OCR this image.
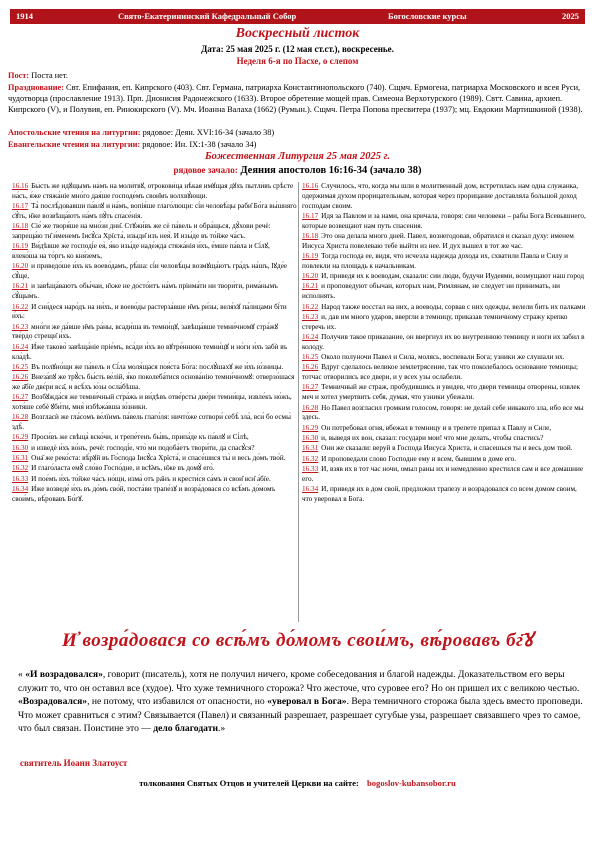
1914	Свято-Екатерининский Кафедральный Собор	Богословские курсы	2025
Воскресный листок
Дата: 25 мая 2025 г. (12 мая ст.ст.), воскресенье.
Неделя 6-я по Пасхе, о слепом
Пост: Поста нет.
Празднование: Свт. Епифания, еп. Кипрского (403). Свт. Германа, патриарха Константинопольского (740). Сщмч. Ермогена, патриарха Московского и всея Руси, чудотворца (прославление 1913). Прп. Дионисия Радонежского (1633). Второе обретение мощей прав. Симеона Верхотурского (1989). Свтт. Савина, архиеп. Кипрского (V), и Полувия, еп. Ринокирского (V). Мч. Иоанна Валаха (1662) (Румын.). Сщмч. Петра Попова пресвитера (1937); мц. Евдокии Мартишкиной (1938).
Апостольские чтения на литургии: рядовое: Деян. XVI:16-34 (зачало 38)
Евангельские чтения на литургии: рядовое: Ин. IX:1-38 (зачало 34)
Божественная Литургия 25 мая 2025 г.
рядовое зачало: Деяния апостолов 16:16-34 (зачало 38)
16.16 Бы́сть же идꙋ́щымъ на́мъ на моли́твꙋ, отрокови́ца нѣ́кая имꙋ́щая дꙋ́хъ пытли́въ срѣ́сте на́съ, я́же стяжа́ніе мно́го дая́ше господе́мъ свои̑мъ волхвꙋ́ющи.
16.17 Та̀ послѣ́довавши па́влꙋ и на́мъ, вопія́ше глаго́лющи: сі́и человѣ́цы раби̑ Бо́га вы́шняго сꙋ́ть, и̑же возвѣща́ютъ на́мъ пꙋ́ть спасе́нія.
16.18 Сіе́ же творя́ше на мно́зи дни̑. Стꙋжи́въ же сѐ па́вель и обра́щься, дꙋ́хови речѐ: запреща́ю ти̑ и́менемъ Іисꙋ́са Хрїста́, изыди̑ изъ нея̀. И изы́де въ то́йже ча́съ.
16.19 Ви́дѣвше же господі́е ея̀, я́ко изы́де наде́жда стяжа́нія и́хъ, е́мше па́вла и Сі́лꙋ, влеко́ша на то́ргъ ко кня́земъ,
16.20 и приведо́ше и́хъ къ воево́дамъ, рѣ́ша: сі́и человѣ́цы возмꙋща́ютъ гра́дъ на́шъ, Іꙋде́е сꙋ́ще,
16.21 и завѣща́ваютъ обы́чаи, и̑хже не досто́итъ на́мъ пріима́ти ни твори́ти, рима́нымъ сꙋ́щымъ.
16.22 И сни́деся наро́дъ на ни́хъ, и воево́ды растерза́вше и̑мъ ри́зы, веля́хꙋ па́лицами бі́ти и́хъ:
16.23 мно́ги же да́вше и̑мъ ра́ны, всади́ша въ темни́цꙋ, завѣща́вше темни́чномꙋ стра́жꙋ тве́рдо стрещи̑ и́хъ.
16.24 И́же таково̀ завѣща́ніе пріе́мъ, вса́ди и́хъ во вꙋтре́ннюю темни́цꙋ и но́ги и́хъ забѝ въ кла́дѣ.
16.25 Въ полꙋно́щи же па́вель и Сі́ла моля́щася поя́ста Бо́га: послꙋ́шахꙋ же и́хъ ю́зницы.
16.26 Внеза́пꙋ же трꙋ́съ бы́сть ве́лій, я́ко поколеба́тися основа́нію темни́чномꙋ: отверзо́шася же а̑бїе двє́ри вса̑, и всѣ́хъ ю́зы осла́бѣша.
16.27 Возбꙋжда́ся же темни́чный стра́жь и ви́дѣвъ отве́рсты две́ри темни́цы, извле́къ но́жъ, хотя́ше себѐ ꙋби́ти, мня̀ избѣжа́вша ю́зники.
16.28 Возгласѝ же гла́сомъ ве́лїимъ па́вель глаго́ля: ничто́же сотвори́ себѣ̀ зла̀, вси́ бо есмы̀ здѣ̀.
16.29 Проси́въ же свѣща̀ вско́чи, и трепе́тенъ бы́въ, припа́де къ па́влꙋ и Сі́лѣ,
16.30 и изведѐ и́хъ во́нъ, речѐ: господі́е, что̀ ми подоба́етъ твори́ти, да спасꙋ́ся?
16.31 Она̑ же реко́ста: вѣ́рꙋй въ Го́спода Іисꙋ́са Хрїста́, и спасе́шися ты̀ и весь до́мъ тво́й.
16.32 И глаго́ласта емꙋ̀ сло́во Госпо́дне, и всѣ̑мъ, и̑же въ домꙋ̀ его̀.
16.33 И пое́мъ и́хъ то́йже ча́съ но́щи, изма̀ отъ ра̑нъ и крести́ся са́мъ и свои̑ вси̑ а́бїе.
16.34 И́же возведе́ и́хъ въ до́мъ сво́й, поста́ви трапе́зꙋ и возра́довася со всѣ́мъ до́момъ свои́мъ, вѣ́ровавъ Бо́гꙋ.
16.16 Случилось, что, когда мы шли в молитвенный дом, встретилась нам одна служанка, одержимая духом прорицательным, которая через прорицание доставляла большой доход господам своим.
16.17 Идя за Павлом и за нами, она кричала, говоря: сии человеки – рабы Бога Всевышнего, которые возвещают нам путь спасения.
16.18 Это она делала много дней. Павел, вознегодовав, обратился и сказал духу: именем Иисуса Христа повелеваю тебе выйти из нее. И дух вышел в тот же час.
16.19 Тогда господа ее, видя, что исчезла надежда дохода их, схватили Павла и Силу и повлекли на площадь к начальникам.
16.20 И, приведя их к воеводам, сказали: сии люди, будучи Иудеями, возмущают наш город
16.21 и проповедуют обычаи, которых нам, Римлянам, не следует ни принимать, ни исполнять.
16.22 Народ также восстал на них, а воеводы, сорвав с них одежды, велели бить их палками
16.23 и, дав им много ударов, ввергли в темницу, приказав темничному стражу крепко стеречь их.
16.24 Получив такое приказание, он ввергнул их во внутреннюю темницу и ноги их забил в колоду.
16.25 Около полуночи Павел и Сила, молясь, воспевали Бога; узники же слушали их.
16.26 Вдруг сделалось великое землетрясение, так что поколебалось основание темницы; тотчас отворились все двери, и у всех узы ослабели.
16.27 Темничный же страж, пробудившись и увидев, что двери темницы отворены, извлек меч и хотел умертвить себя, думая, что узники убежали.
16.28 Но Павел возгласил громким голосом, говоря: не делай себе никакого зла, ибо все мы здесь.
16.29 Он потребовал огня, вбежал в темницу и в трепете припал к Павлу и Силе,
16.30 и, выведя их вон, сказал: государи мои! что мне делать, чтобы спастись?
16.31 Они же сказали: веруй в Господа Иисуса Христа, и спасешься ты и весь дом твой.
16.32 И проповедали слово Господне ему и всем, бывшим в доме его.
16.33 И, взяв их в тот час ночи, омыл раны их и немедленно крестился сам и все домашние его.
16.34 И, приведя их в дом свой, предложил трапезу и возрадовался со всем домом своим, что уверовал в Бога.
И҆ возра́довася со всѣ́мъ до́момъ свои́мъ, вѣ́ровавъ бг҃ꙋ
« «И возрадовался», говорит (писатель), хотя не получил ничего, кроме собеседования и благой надежды. Доказательством его веры служит то, что он оставил все (худое). Что хуже темничного сторожа? Что жесточе, что суровее его? Но он пришел их с великою честью. «Возрадовался», не потому, что избавился от опасности, но «уверовал в Бога». Вера темничного сторожа была здесь вместо проповеди. Что может сравниться с этим? Связывается (Павел) и связанный разрешает, разрешает сугубые узы, разрешает связавшего чрез то самое, что был связан. Поистине это — дело благодати.»
святитель Иоанн Златоуст
толкования Святых Отцов и учителей Церкви на сайте: bogoslov-kubansobor.ru
